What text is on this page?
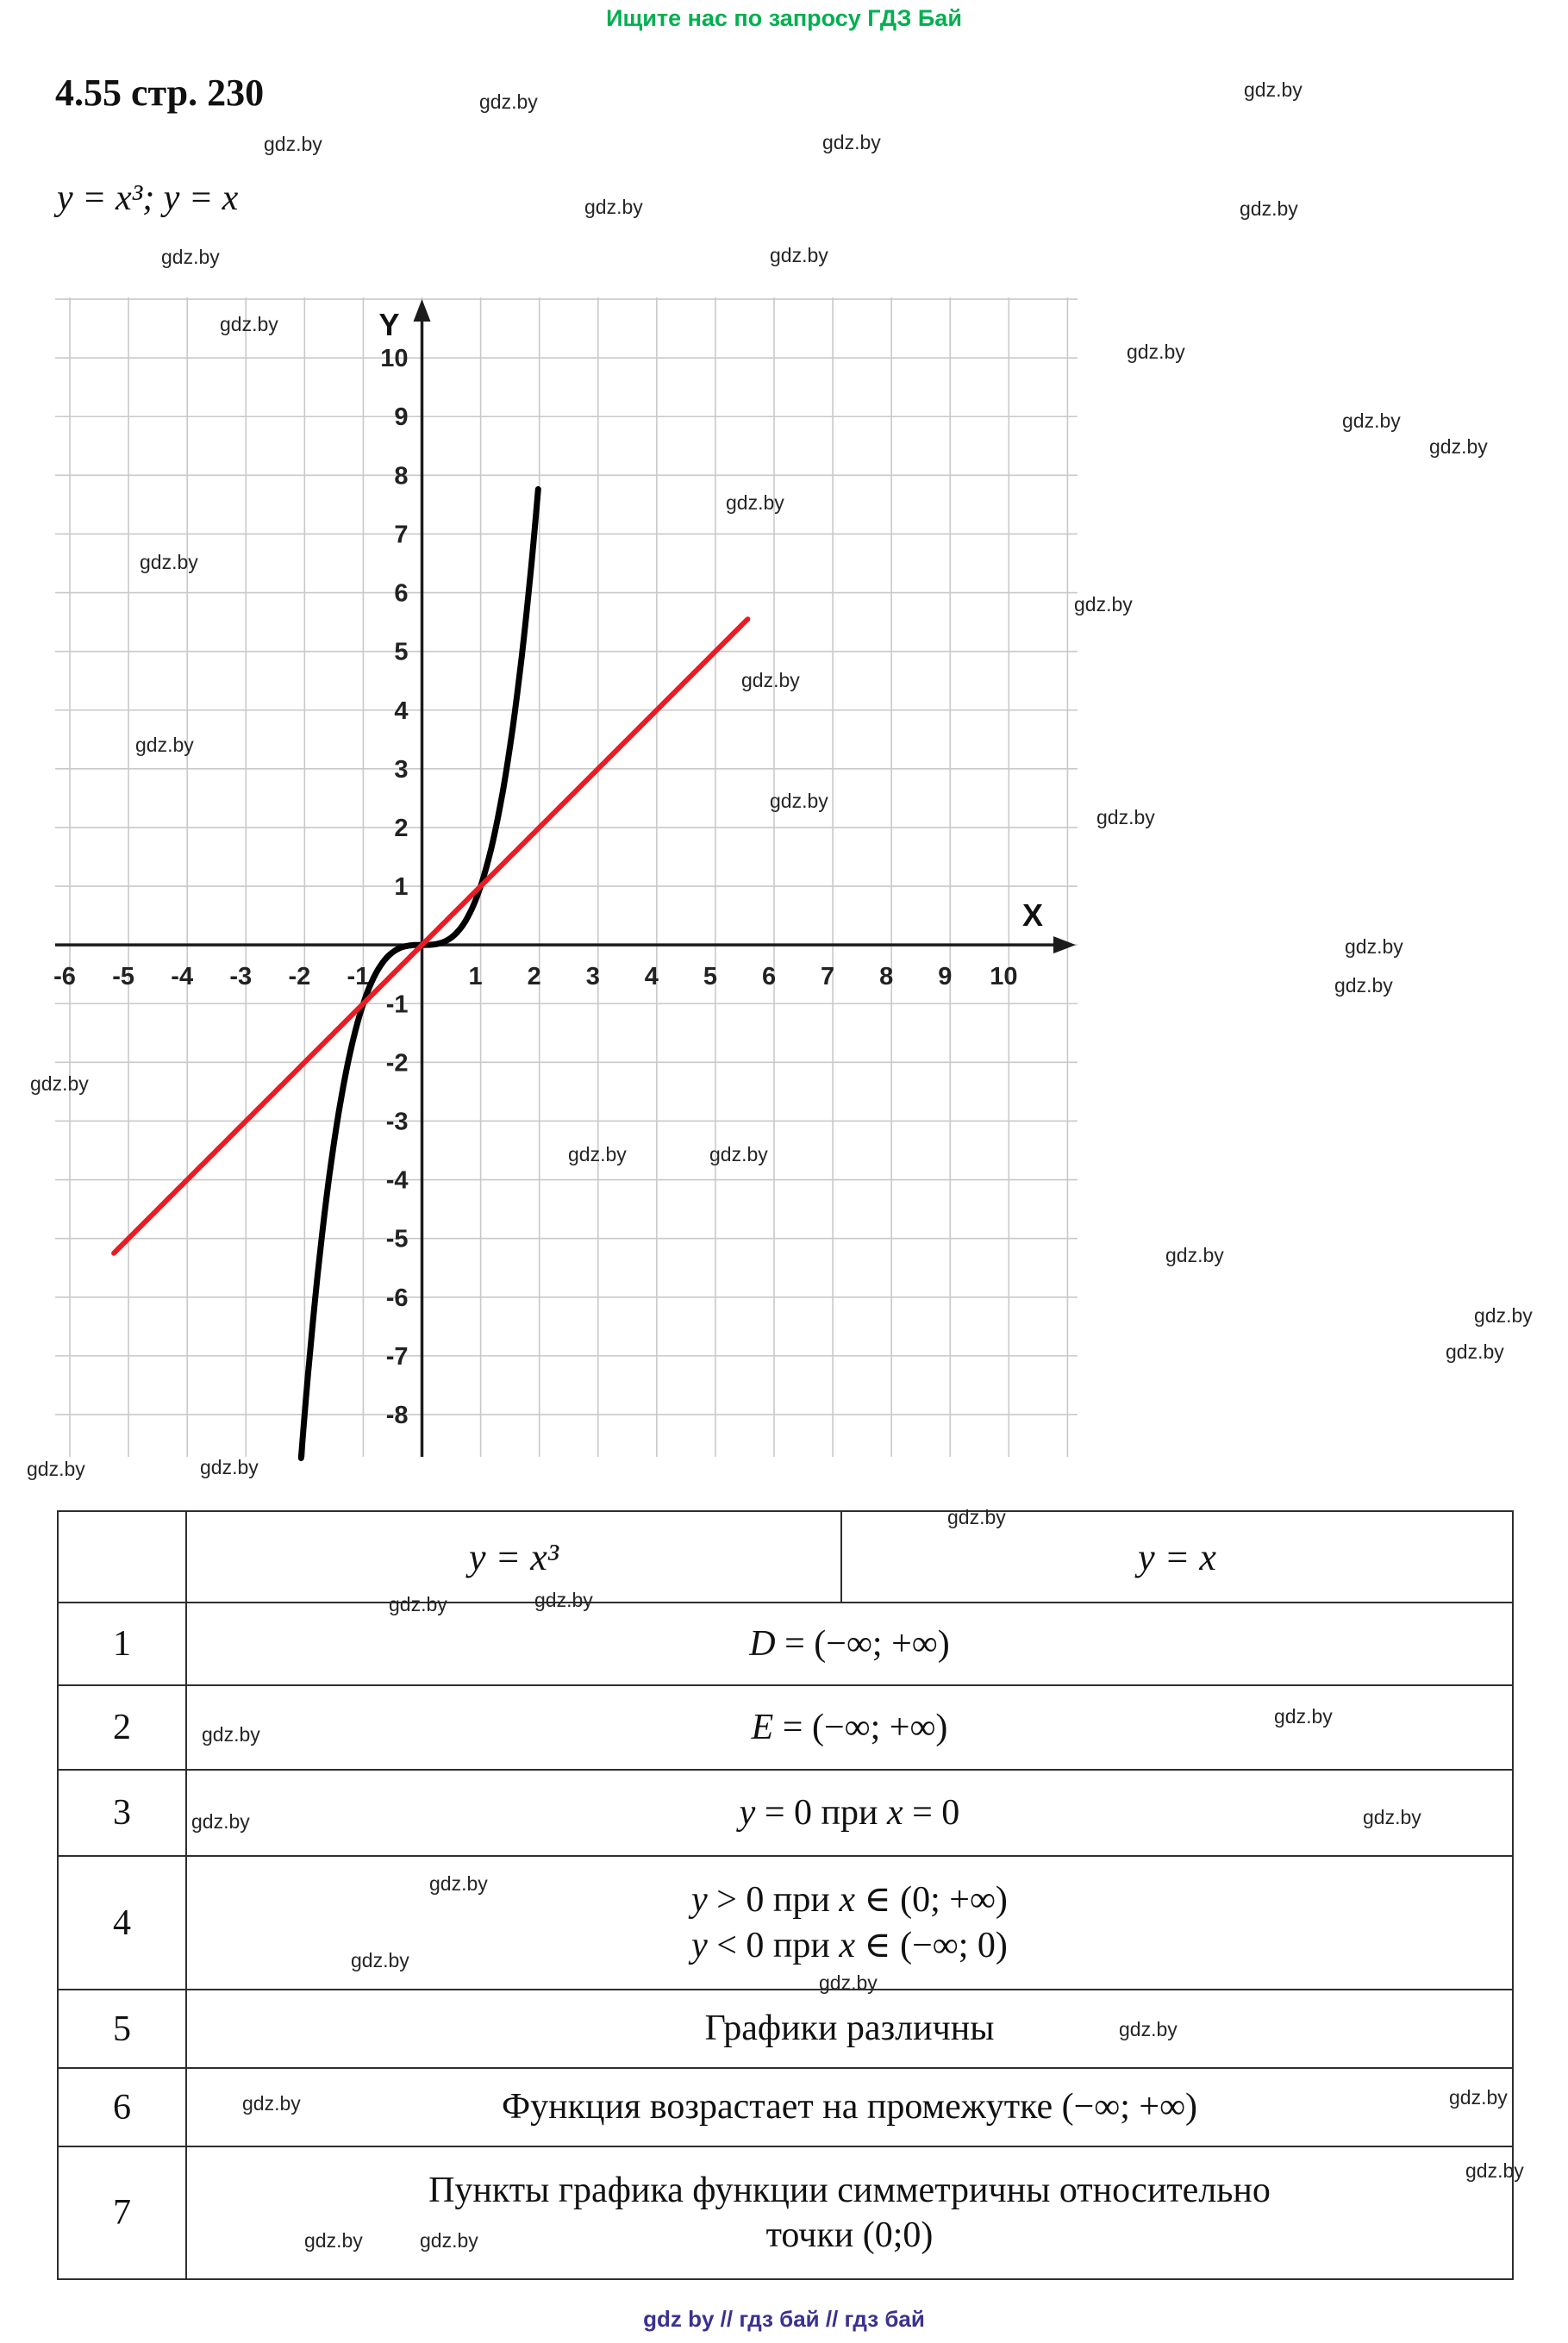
Ищите нас по запросу ГДЗ Бай
4.55 стр. 230
y = x³; y = x
Y
X
-6 -5 -4 -3 -2 -1	1 2 3 4 5 6 7 8 9 10
10
9
8
7
6
5
4
3
2
1
-1
-2
-3
-4
-5
-6
-7
-8
	y = x³	y = x
1	D = (−∞; +∞)	

2	E = (−∞; +∞)	

3	y = 0 при x = 0	

4	y > 0 при x ∈ (0; +∞)
y < 0 при x ∈ (−∞; 0)	

5	Графики различны	

6	Функция возрастает на промежутке (−∞; +∞)	

7	Пункты графика функции симметричны относительно
точки (0;0)	
gdz by // гдз бай // гдз бай
gdz.by
gdz.by
gdz.by	gdz.by
gdz.by	gdz.by
gdz.by	gdz.by
gdz.by
gdz.by
gdz.by
gdz.by
gdz.by
gdz.by
gdz.by
gdz.by
gdz.by
gdz.by
gdz.by
gdz.by
gdz.by
gdz.by
gdz.by	gdz.by
gdz.by
gdz.by
gdz.by
gdz.by	gdz.by
gdz.by
gdz.by	gdz.by
gdz.by
gdz.by
gdz.by	gdz.by
gdz.by
gdz.by
gdz.by
gdz.by
gdz.by	gdz.by
gdz.by
gdz.by	gdz.by
